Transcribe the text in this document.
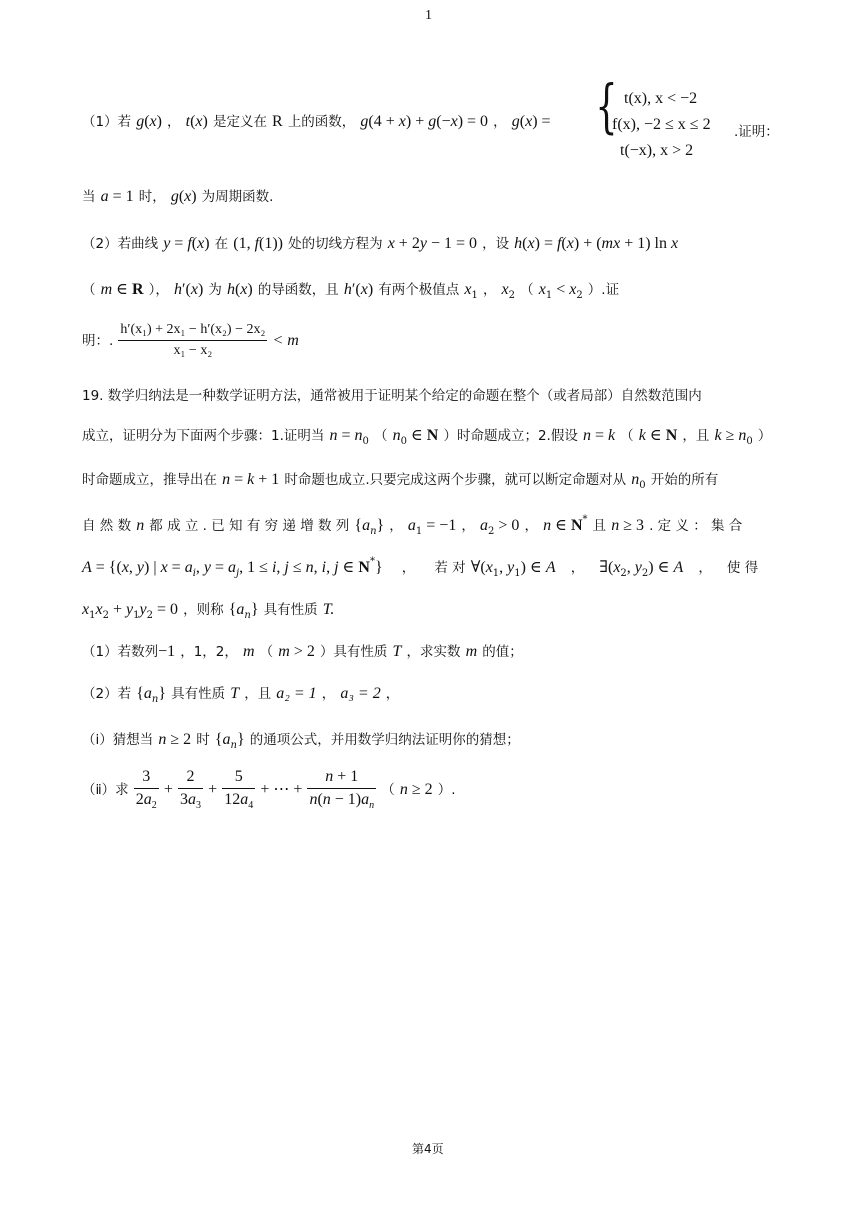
1
（1）若 g(x) ， t(x) 是定义在 R 上的函数， g(4 + x) + g(−x) = 0 ， g(x) = { t(x), x < −2
f(x), −2 ≤ x ≤ 2
t(−x), x > 2
.证明：
当 a = 1 时， g(x) 为周期函数.
（2）若曲线 y = f(x) 在 (1, f(1)) 处的切线方程为 x + 2y − 1 = 0 ，设 h(x) = f(x) + (mx + 1) ln x
（ m ∈ R ）， h′(x) 为 h(x) 的导函数，且 h′(x) 有两个极值点 $x_1$ ， $x_2$ （ $x_1 < x_2$ ）.证
明：. $\frac{\text{h′(x₁) + 2x₁ − h′(x₂) − 2x₂}}{\text{x₁ − x₂}} < m$
19. 数学归纳法是一种数学证明方法，通常被用于证明某个给定的命题在整个（或者局部）自然数范围内
成立，证明分为下面两个步骤：1.证明当 $n = n_0$ （ $n_0$ ∈ N ）时命题成立；2.假设 n = k （ k ∈ N ，且 $k \ge n_0$ ）
时命题成立，推导出在 n = k + 1 时命题也成立.只要完成这两个步骤，就可以断定命题对从 $n_0$ 开始的所有
自 然 数 n 都 成 立 . 已 知 有 穷 递 增 数 列 $\{a_n\}$ ， $a_1 = -1$ ， $a_2 > 0$ ， n ∈ N* 且 n ≥ 3 . 定 义 ： 集 合
A = {(x, y) | $x = a_i$, $y = a_j$, 1 ≤ i, j ≤ n, i, j ∈ N*} ， 若 对 $\forall(x_1$, $y_1$) ∈ A ， $\exists(x_2$, $y_2$) ∈ A ， 使 得
$x_1x_2 + y_1y_2 = 0$ ，则称 $\{a_n\}$ 具有性质 T.
（1）若数列−1 ，1，2， m （ m > 2 ）具有性质 T ，求实数 m 的值；
（2）若 $\{a_n\}$ 具有性质 T ，且 a₂ = 1 ， a₃ = 2 ，
（ⅰ）猜想当 n ≥ 2 时 $\{a_n\}$ 的通项公式，并用数学归纳法证明你的猜想；
（ⅱ）求 $\frac{3}{2a_2} + \frac{2}{3a_3} + \frac{5}{12a_4}$ + ⋯ + $\frac{n + 1}{n(n - 1)a_n}$ （ n ≥ 2 ）.
第4页
